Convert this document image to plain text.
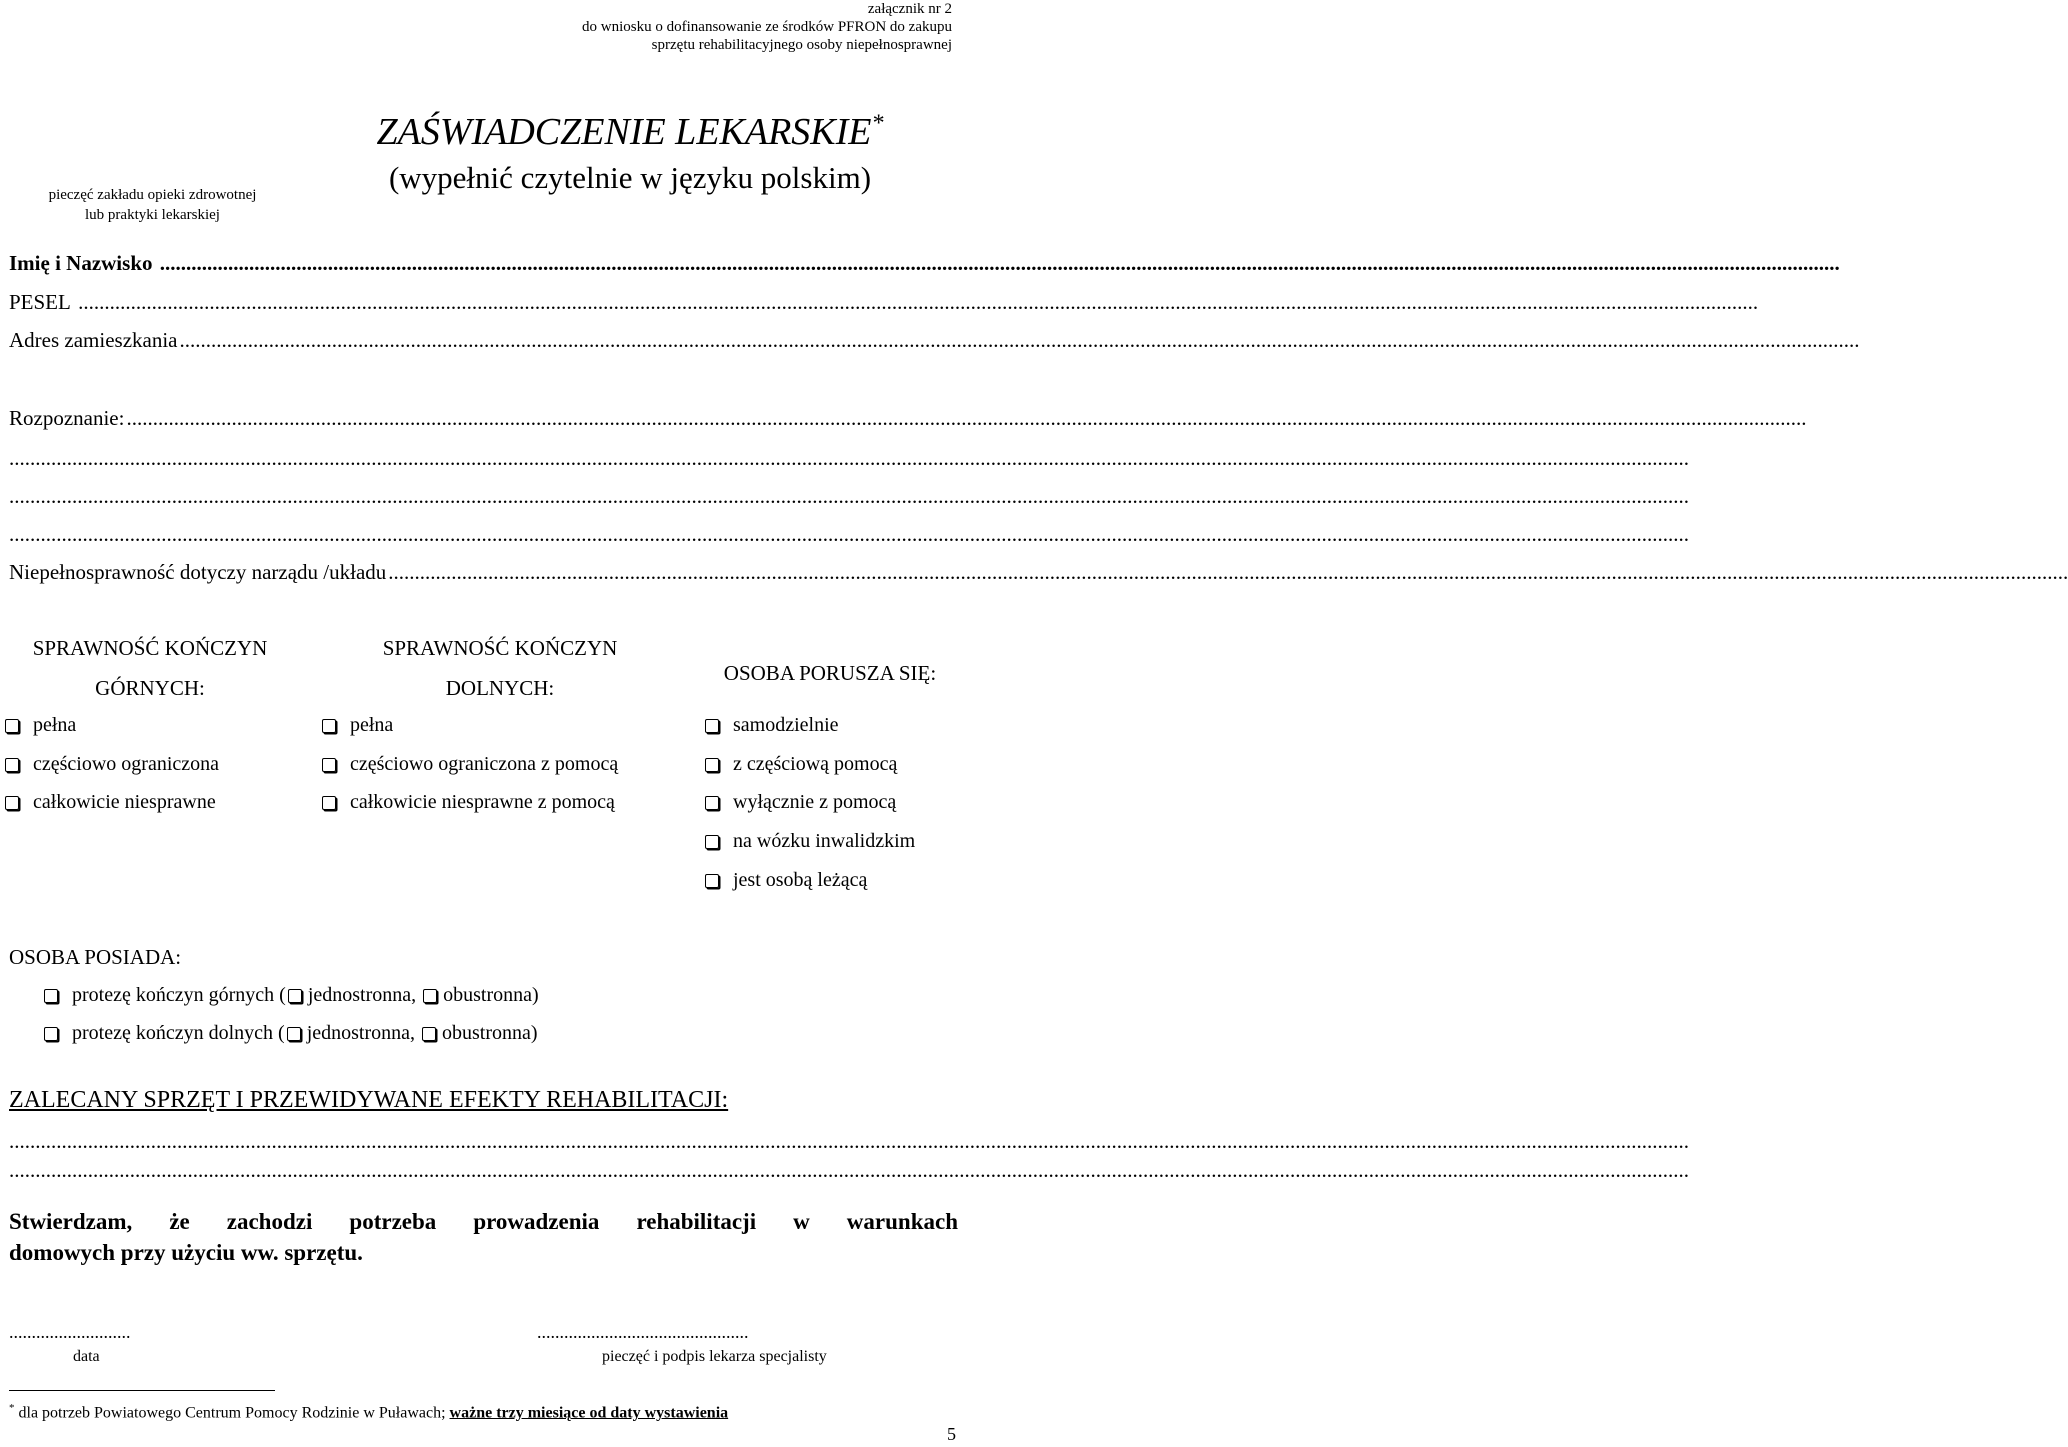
załącznik nr 2
do wniosku o dofinansowanie ze środków PFRON do zakupu
sprzętu rehabilitacyjnego osoby niepełnosprawnej
pieczęć zakładu opieki zdrowotnej
lub praktyki lekarskiej
ZAŚWIADCZENIE LEKARSKIE*
(wypełnić czytelnie w języku polskim)
Imię i Nazwisko ................................................................................................................................................................................................................................................................................................................................
PESEL ................................................................................................................................................................................................................................................................................................................................
Adres zamieszkania................................................................................................................................................................................................................................................................................................................................
Rozpoznanie:................................................................................................................................................................................................................................................................................................................................
................................................................................................................................................................................................................................................................................................................................
................................................................................................................................................................................................................................................................................................................................
................................................................................................................................................................................................................................................................................................................................
Niepełnosprawność dotyczy narządu /układu................................................................................................................................................................................................................................................................................................................................
SPRAWNOŚĆ KOŃCZYN
GÓRNYCH:
pełna
częściowo ograniczona
całkowicie niesprawne
SPRAWNOŚĆ KOŃCZYN
DOLNYCH:
pełna
częściowo ograniczona z pomocą
całkowicie niesprawne z pomocą
OSOBA PORUSZA SIĘ:
samodzielnie
z częściową pomocą
wyłącznie z pomocą
na wózku inwalidzkim
jest osobą leżącą
OSOBA POSIADA:
protezę kończyn górnych ( jednostronna,
obustronna)
protezę kończyn dolnych ( jednostronna,
obustronna)
ZALECANY SPRZĘT I PRZEWIDYWANE EFEKTY REHABILITACJI:
................................................................................................................................................................................................................................................................................................................................
................................................................................................................................................................................................................................................................................................................................
Stwierdzam, że zachodzi potrzeba prowadzenia rehabilitacji w warunkach
domowych przy użyciu ww. sprzętu.
...........................
data
...............................................
pieczęć i podpis lekarza specjalisty
* dla potrzeb Powiatowego Centrum Pomocy Rodzinie w Puławach; ważne trzy miesiące od daty wystawienia
5
